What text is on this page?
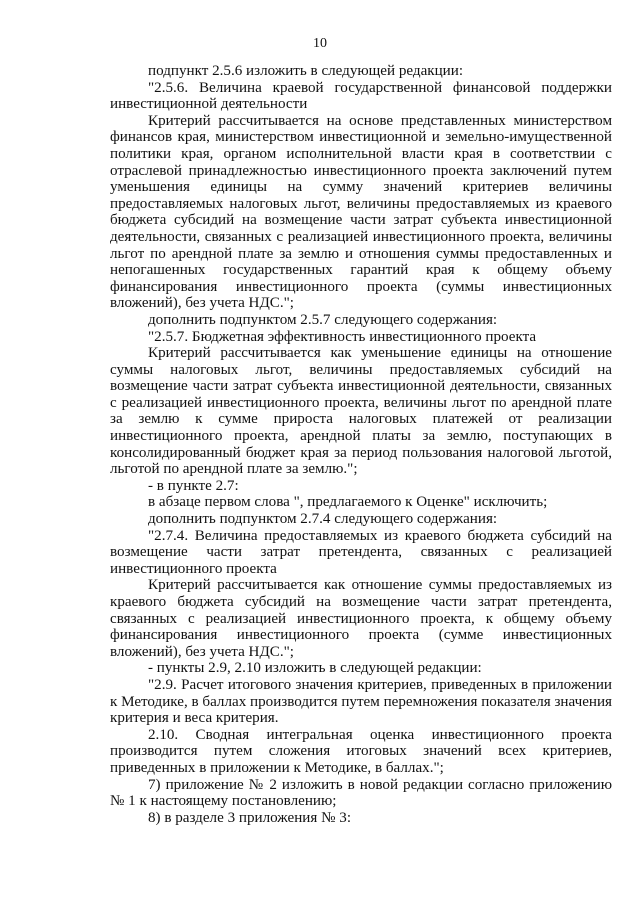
10

подпункт 2.5.6 изложить в следующей редакции:

"2.5.6. Величина краевой государственной финансовой поддержки инвестиционной деятельности

Критерий рассчитывается на основе представленных министерством финансов края, министерством инвестиционной и земельно-имущественной политики края, органом исполнительной власти края в соответствии с отраслевой принадлежностью инвестиционного проекта заключений путем уменьшения единицы на сумму значений критериев величины предоставляемых налоговых льгот, величины предоставляемых из краевого бюджета субсидий на возмещение части затрат субъекта инвестиционной деятельности, связанных с реализацией инвестиционного проекта, величины льгот по арендной плате за землю и отношения суммы предоставленных и непогашенных государственных гарантий края к общему объему финансирования инвестиционного проекта (суммы инвестиционных вложений), без учета НДС.";

дополнить подпунктом 2.5.7 следующего содержания:

"2.5.7. Бюджетная эффективность инвестиционного проекта

Критерий рассчитывается как уменьшение единицы на отношение суммы налоговых льгот, величины предоставляемых субсидий на возмещение части затрат субъекта инвестиционной деятельности, связанных с реализацией инвестиционного проекта, величины льгот по арендной плате за землю к сумме прироста налоговых платежей от реализации инвестиционного проекта, арендной платы за землю, поступающих в консолидированный бюджет края за период пользования налоговой льготой, льготой по арендной плате за землю.";

- в пункте 2.7:

в абзаце первом слова ", предлагаемого к Оценке" исключить;

дополнить подпунктом 2.7.4 следующего содержания:

"2.7.4. Величина предоставляемых из краевого бюджета субсидий на возмещение части затрат претендента, связанных с реализацией инвестиционного проекта

Критерий рассчитывается как отношение суммы предоставляемых из краевого бюджета субсидий на возмещение части затрат претендента, связанных с реализацией инвестиционного проекта, к общему объему финансирования инвестиционного проекта (сумме инвестиционных вложений), без учета НДС.";

- пункты 2.9, 2.10 изложить в следующей редакции:

"2.9. Расчет итогового значения критериев, приведенных в приложении к Методике, в баллах производится путем перемножения показателя значения критерия и веса критерия.

2.10. Сводная интегральная оценка инвестиционного проекта производится путем сложения итоговых значений всех критериев, приведенных в приложении к Методике, в баллах.";

7) приложение № 2 изложить в новой редакции согласно приложению № 1 к настоящему постановлению;

8) в разделе 3 приложения № 3:
